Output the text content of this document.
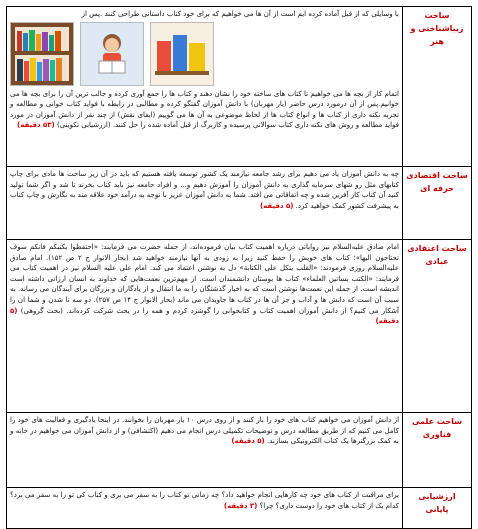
ساخت زیباشناختی و هنر	با وسایلی که از قبل آماده کرده ایم است از آن ها می خواهیم که برای خود کتاب داستانی طراحی کنند .پس از

اتمام کار از بچه ها می خواهیم تا کتاب های ساخته خود را نشان دهند و کتاب ها را جمع آوری کرده و جالب ترین آن را برای بچه ها می خوانیم.پس از آن درمورد درس حاضر (یار مهربان) با دانش آموزان گفتگو کرده و مطالبی در رابطه با فواید کتاب خوانی و مطالعه و تجربه نکته داری از کتاب ها و انواع کتاب ها از لحاظ موضوعی به آن ها می گوییم (ایفای نقش) از چند نفر از دانش آموزان در مورد فواید مطالعه و روش های نکته داری کتاب سوالاتی پرسیده و کاربرگ از قبل آماده شده را حل کنند. (ارزشیابی تکوینی) (۵۳ دقیقه)

ساحت اقتصادی حرفه ای	چه به دانش آموزان یاد می دهیم برای رشد جامعه نیازمند یک کشور توسعه یافته هستیم که باید در آن زیر ساخت ها مادی برای چاپ کتابهای مثل رو شهای سرمایه گذاری به دانش آموزان را آموزش دهیم و... و افراد جامعه نیز باید کتاب بخرند تا شد و اگر شما تولید کنید آن کتاب کار آفرین شده و چه اتفاقاتی می افتد. شما به دانش آموزان عزیز با توجه به درآمد خود علاقه مند به نگارش و چاپ کتاب به پیشرفت کشور کمک خواهید کرد. (۵ دقیقه)

ساحت اعتقادی عبادی	امام صادق علیه‌السلام نیز روایاتی درباره اهمیت کتاب بیان فرموده‌اند، از جمله حضرت می فرمایند: «احتفظوا بکتبکم فانکم سوف تحتاجون الیها»؛ کتاب های خویش را حفظ کنید زیرا به زودی به آنها نیازمند خواهید شد (بحار الانوار ج ۲ ص ۱۵۲). امام صادق علیه‌السلام روزی فرمودند: «القلب یتکل علی الکتابة» دل به نوشتن اعتماد می کند. امام علی علیه السلام نیز در اهمیت کتاب می فرمایند: «الکتب بساتین العلماء» کتاب ها بوستان دانشمندان است. از مهم‌ترین نعمت‌هایی که خداوند به انسان ارزانی داشته است اندیشه است. از جمله این نعمت‌ها نوشتن است که به اخبار گذشتگان را به ما انتقال و از یادگاران و بزرگان برای آیندگان می رساند. به سبب آن است که دانش ها و آداب و جز آن ها در کتاب ها جاویدان می ماند (بحار الانوار ج ۱۴ ص ۲۵۷). دو سه تا شدن و شما ان را آشکار می کنیم؟ از دانش آموزان اهمیت کتاب و کتابخوانی را گوشزد کردم و همه را در بحث شرکت کرده‌اند. (بحث گروهی) (۵ دقیقه)

ساحت علمی فناوری	از دانش آموزان می خواهیم کتاب های خود را باز کنند و از روی درس ۱۰ یار مهربان را بخوانند. در اینجا یادگیری و فعالیت های خود را کامل می کنیم که از طریق مطالعه درس و توضیحات تکمیلی درس انجام می دهیم (اکتشافی) و از دانش آموزان می خواهیم در خانه و به کمک بزرگترها یک کتاب الکترونیکی بسازند. (۵ دقیقه)

ارزشیابی پایانی	برای مراقبت از کتاب های خود چه کارهایی انجام خواهید داد؟ چه زمانی تو کتاب را به سفر می بری و کتاب کی تو را به سفر می برد؟ کدام یک از کتاب های خود را دوست داری؟ چرا؟ (۳ دقیقه)
